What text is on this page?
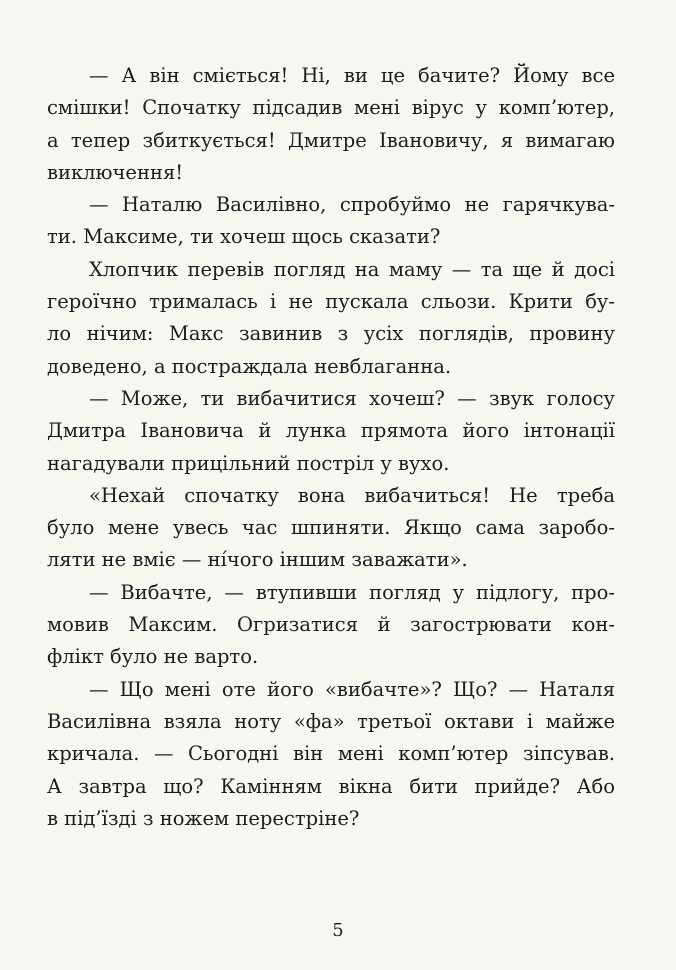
— А він сміється! Ні, ви це бачите? Йому все
смішки! Спочатку підсадив мені вірус у комп’ютер,
а тепер збиткується! Дмитре Івановичу, я вимагаю
виключення!

— Наталю Василівно, спробуймо не гарячкува-
ти. Максиме, ти хочеш щось сказати?

Хлопчик перевів погляд на маму — та ще й досі
героїчно трималась і не пускала сльози. Крити бу-
ло нічим: Макс завинив з усіх поглядів, провину
доведено, а постраждала невблаганна.

— Може, ти вибачитися хочеш? — звук голосу
Дмитра Івановича й лунка прямота його інтонації
нагадували прицільний постріл у вухо.

«Нехай спочатку вона вибачиться! Не треба
було мене увесь час шпиняти. Якщо сама заробо-
ляти не вміє — ні́чого іншим заважати».

— Вибачте, — втупивши погляд у підлогу, про-
мовив Максим. Огризатися й загострювати кон-
флікт було не варто.

— Що мені оте його «вибачте»? Що? — Наталя
Василівна взяла ноту «фа» третьої октави і майже
кричала. — Сьогодні він мені комп’ютер зіпсував.
А завтра що? Камінням вікна бити прийде? Або
в під’їзді з ножем перестріне?

5
